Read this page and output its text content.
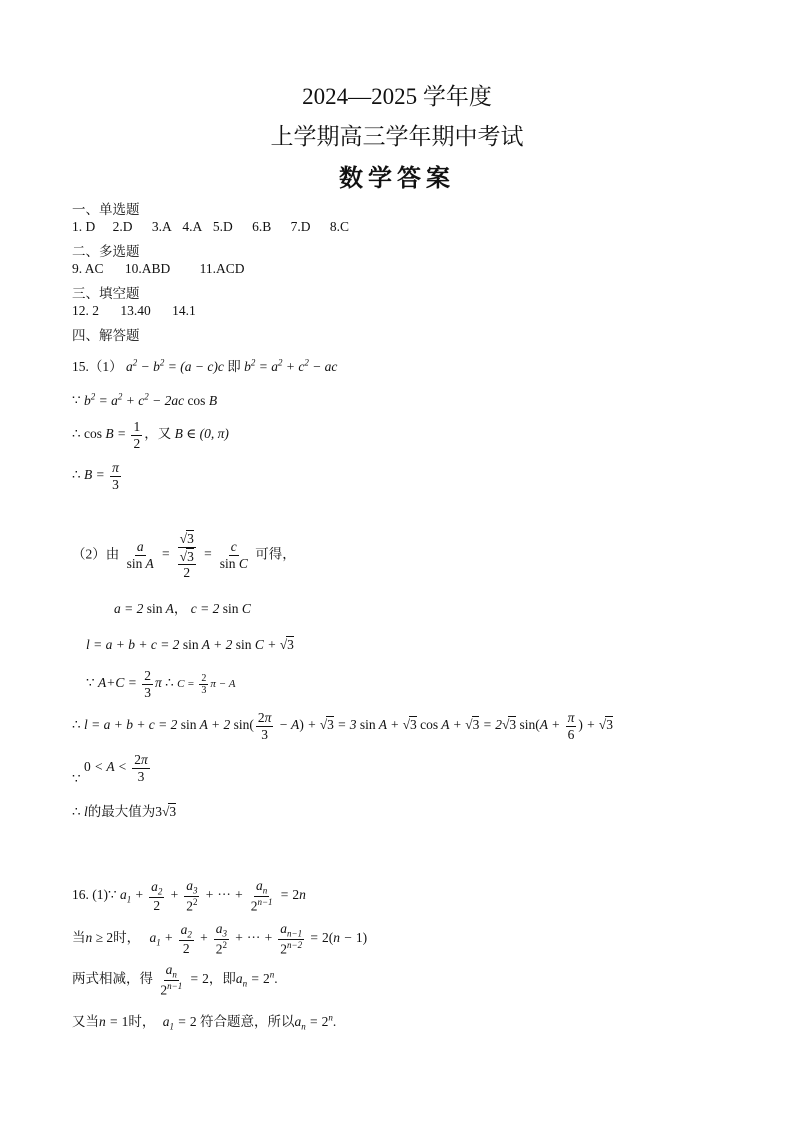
2024—2025 学年度
上学期高三学年期中考试
数学答案
一、单选题
1. D 2.D 3.A 4.A 5.D 6.B 7.D 8.C
二、多选题
9. AC 10.ABD 11.ACD
三、填空题
12. 2 13.40 14.1
四、解答题
15.（1） $a^2 - b^2 = (a - c)c$ 即 $b^2 = a^2 + c^2$ − ac
∵ $b^2 = a^2 + c^2 - 2ac$ cos B
∴ $\cos B = \frac{1}{2}$ ，又 B ∈ (0, π)
∴ $B = \frac{\pi}{3}$
（2）由 $\frac{a}{\text{sin A}} = \frac{√3}{\frac{√3}{2}} = \frac{c}{\text{sin C}}$ 可得，
a = 2 sin A， c = 2 sin C
l = a + b + c = 2 sin A + 2 sin C + √3
∵ $A+C = \frac{2}{3}$ π ∴ $C = \frac{2}{3}$ π − A
∴ l = a + b + c = 2 sin A + 2 $\sin( \frac{2\pi}{3} - A) + √3 = 3$ sin A + √3 cos A + √3 = 2√3 $\sin(A + \frac{\pi}{6}$ ) + √3
∵ $0 < A < \frac{2\pi}{3}$
∴ l的最大值为3√3
16. (1)∵ $a_1 + \frac{a_2}{2} + \frac{a_3}{2^2}$ + ··· + $\frac{a_n}{2^{n-1}} = 2n$
当n ≥ 2时， $a_1 + \frac{a_2}{2} + \frac{a_3}{2^2}$ + ··· + $\frac{a_{n-1}}{2^{n-2}} = 2(n - 1)$
两式相减，得 $\frac{a_n}{2^{n-1}} = 2$，即$a_n = 2^n$.
又当n = 1时， $a_1 = 2$ 符合题意，所以$a_n = 2^n$.
